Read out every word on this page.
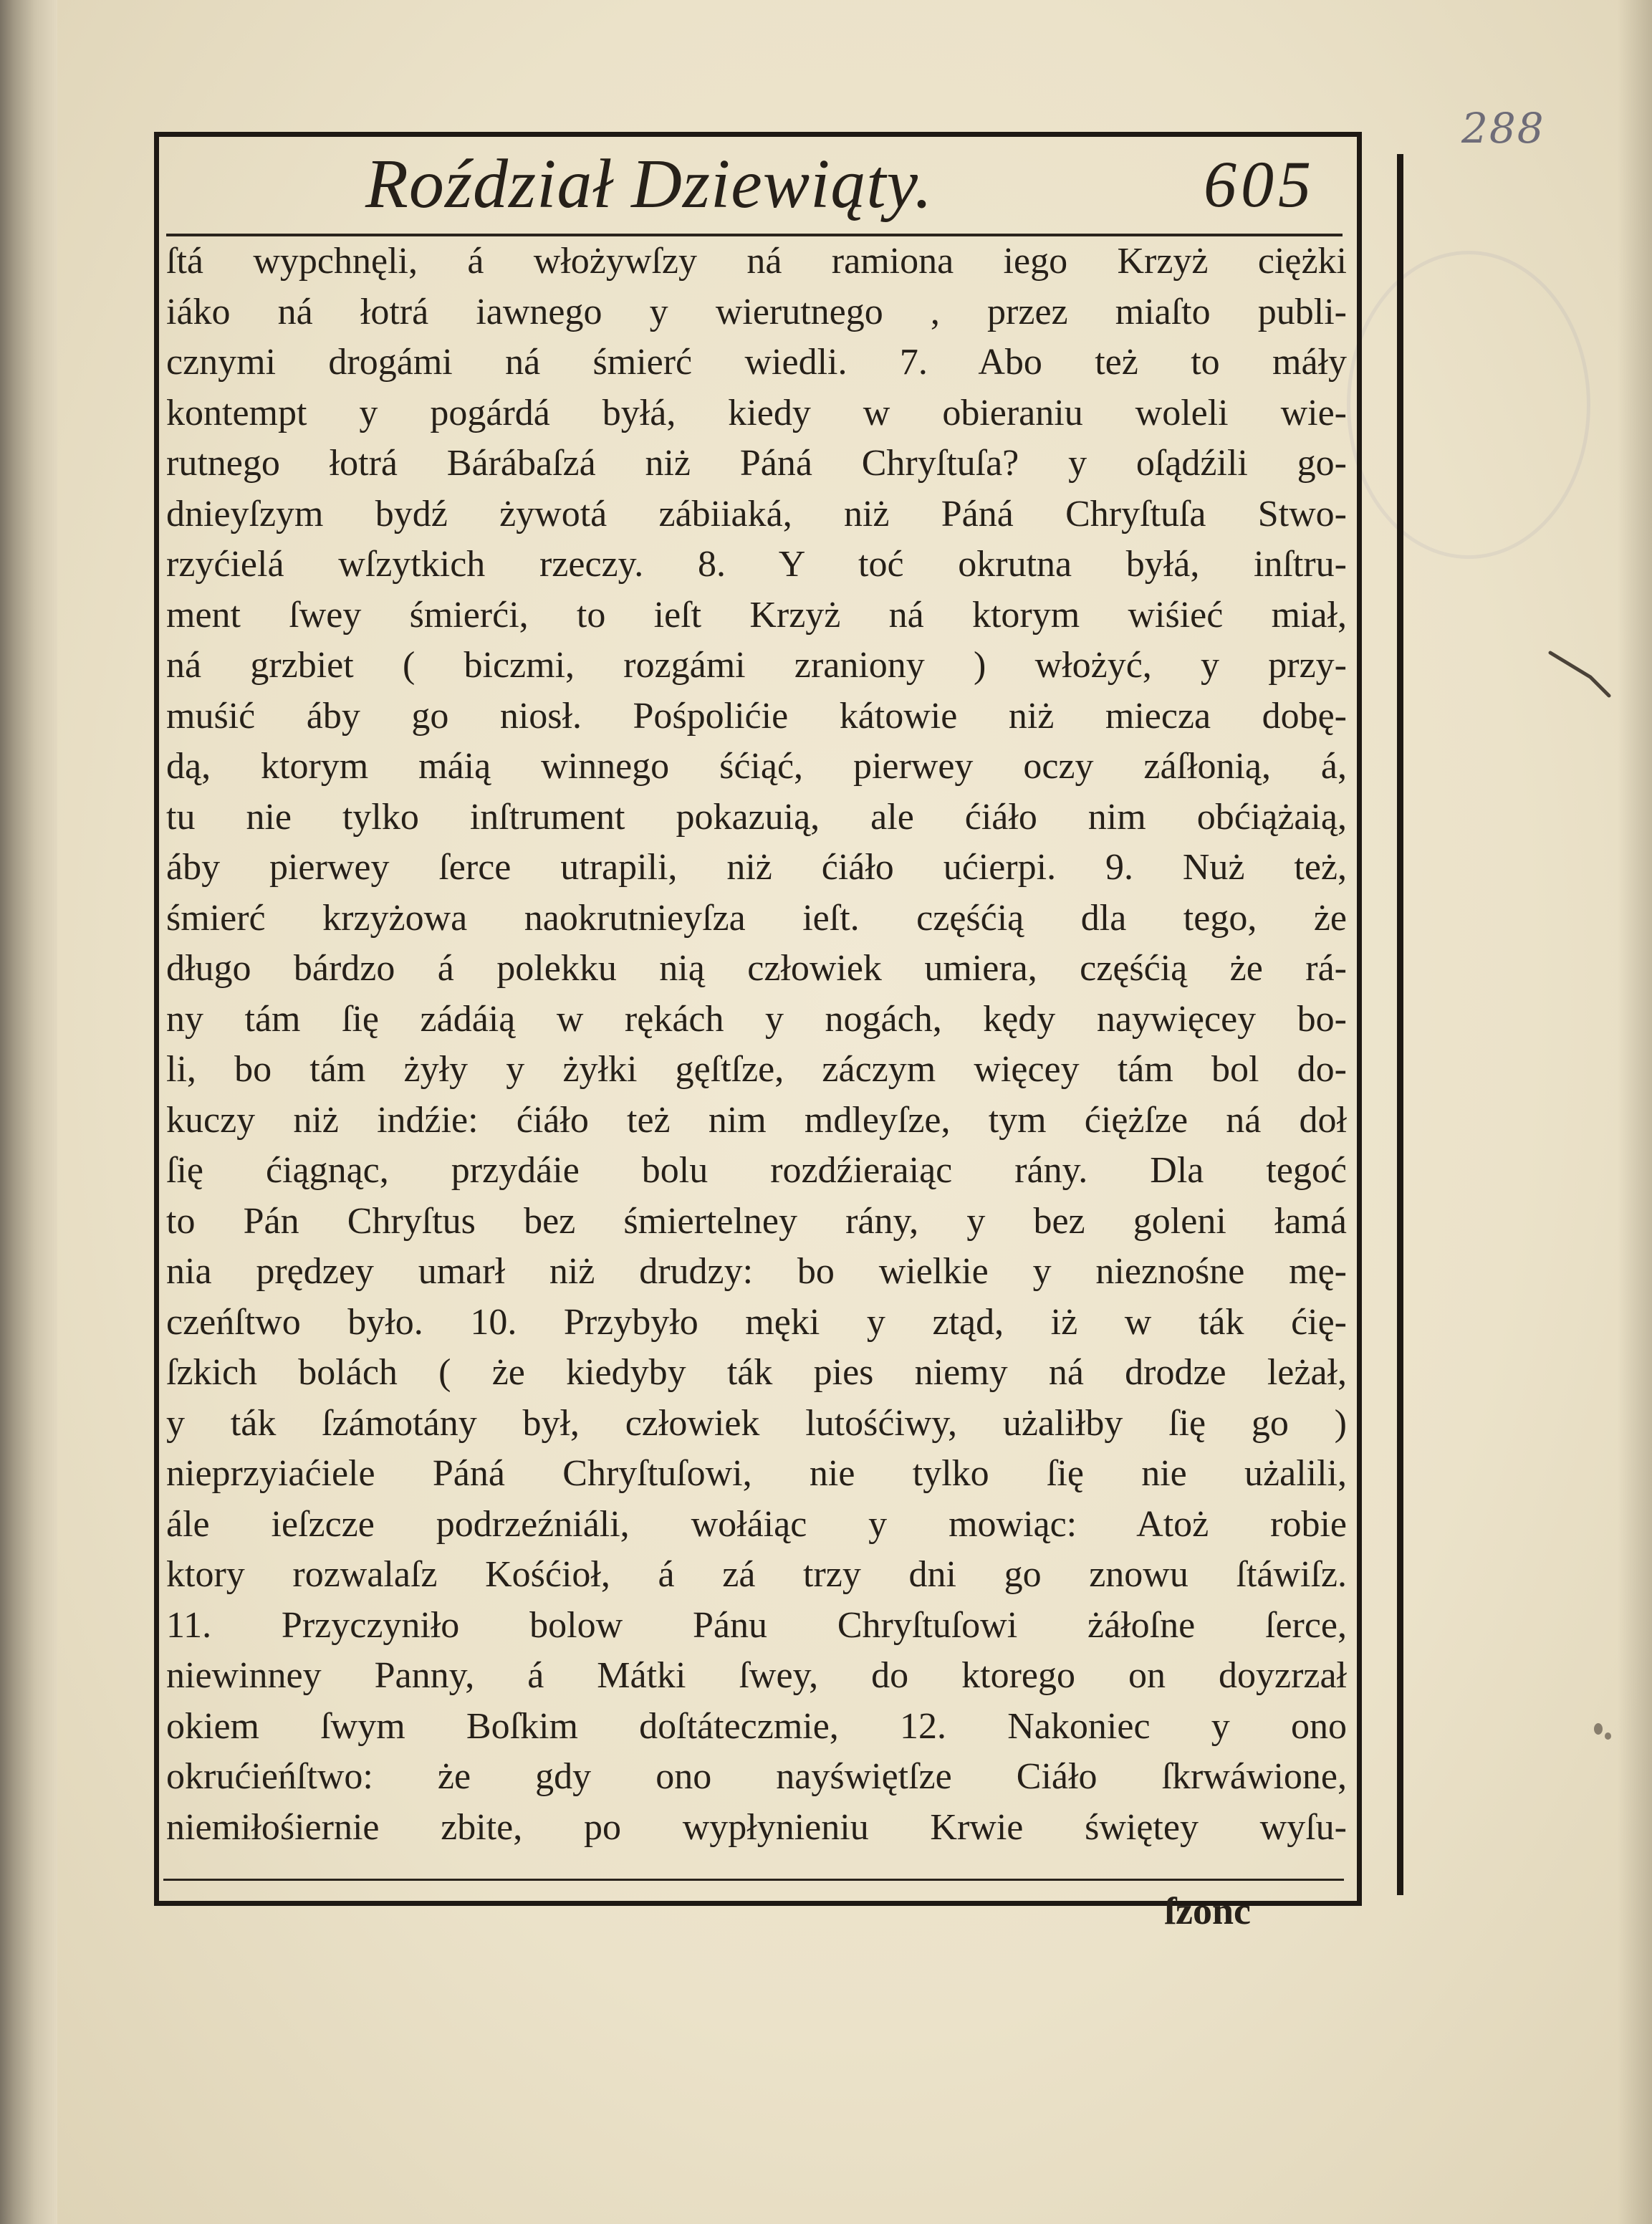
288
Roździał Dziewiąty.	605
ſtá wypchnęli, á włożywſzy ná ramiona iego Krzyż ciężki
iáko ná łotrá iawnego y wierutnego , przez miaſto publi-
cznymi drogámi ná śmierć wiedli. 7. Abo też to máły
kontempt y pogárdá byłá, kiedy w obieraniu woleli wie-
rutnego łotrá Bárábaſzá niż Páná Chryſtuſa? y oſądźili go-
dnieyſzym bydź żywotá zábiiaká, niż Páná Chryſtuſa Stwo-
rzyćielá wſzytkich rzeczy. 8. Y toć okrutna byłá, inſtru-
ment ſwey śmierći, to ieſt Krzyż ná ktorym wiśieć miał,
ná grzbiet ( biczmi, rozgámi zraniony ) włożyć, y przy-
muśić áby go niosł. Pośpolićie kátowie niż miecza dobę-
dą, ktorym máią winnego śćiąć, pierwey oczy záſłonią, á,
tu nie tylko inſtrument pokazuią, ale ćiáło nim obćiążaią,
áby pierwey ſerce utrapili, niż ćiáło ućierpi. 9. Nuż też,
śmierć krzyżowa naokrutnieyſza ieſt. częśćią dla tego, że
długo bárdzo á polekku nią człowiek umiera, częśćią że rá-
ny tám ſię zádáią w rękách y nogách, kędy naywięcey bo-
li, bo tám żyły y żyłki gęſtſze, záczym więcey tám bol do-
kuczy niż indźie: ćiáło też nim mdleyſze, tym ćiężſze ná doł
ſię ćiągnąc, przydáie bolu rozdźieraiąc rány. Dla tegoć
to Pán Chryſtus bez śmiertelney rány, y bez goleni łamá
nia prędzey umarł niż drudzy: bo wielkie y nieznośne mę-
czeńſtwo było. 10. Przybyło męki y ztąd, iż w ták ćię-
ſzkich bolách ( że kiedyby ták pies niemy ná drodze leżał,
y ták ſzámotány był, człowiek lutośćiwy, użaliłby ſię go )
nieprzyiaćiele Páná Chryſtuſowi, nie tylko ſię nie użalili,
ále ieſzcze podrzeźniáli, wołáiąc y mowiąc: Atoż robie
ktory rozwalaſz Kośćioł, á zá trzy dni go znowu ſtáwiſz.
11. Przyczyniło bolow Pánu Chryſtuſowi żáłoſne ſerce,
niewinney Panny, á Mátki ſwey, do ktorego on doyzrzał
okiem ſwym Boſkim doſtáteczmie, 12. Nakoniec y ono
okrućieńſtwo: że gdy ono nayświętſze Ciáło ſkrwáwione,
niemiłośiernie zbite, po wypłynieniu Krwie świętey wyſu-
ſzonc
